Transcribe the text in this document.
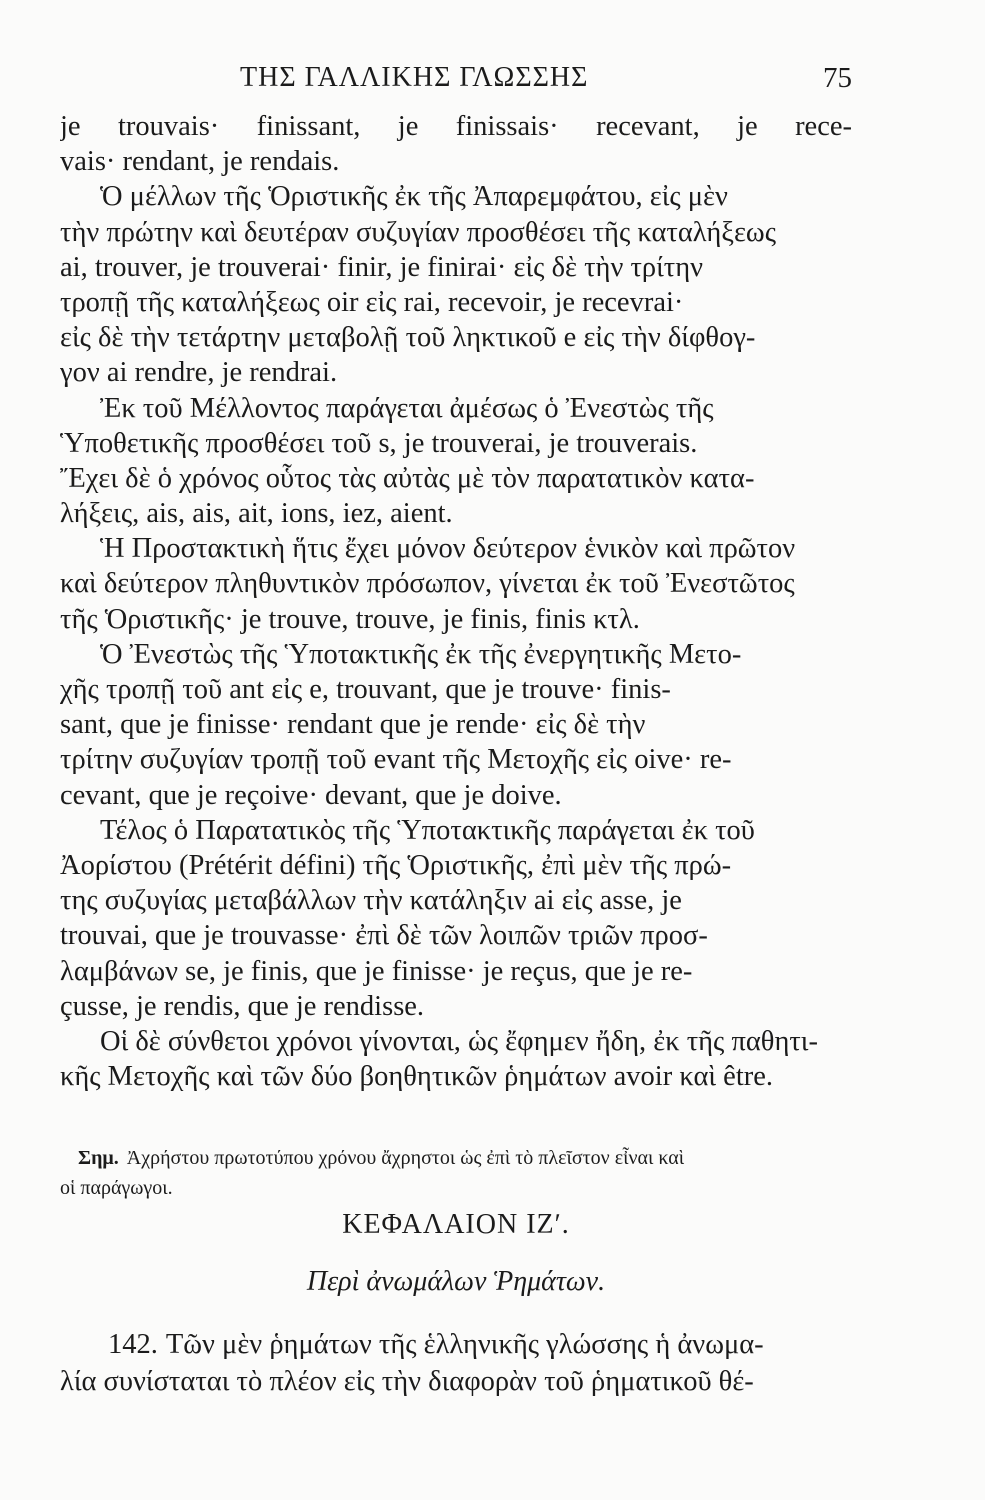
ΤΗΣ ΓΑΛΛΙΚΗΣ ΓΛΩΣΣΗΣ	75
je trouvais· finissant, je finissais· recevant, je rece-
vais· rendant, je rendais.
Ὁ μέλλων τῆς Ὁριστικῆς ἐκ τῆς Ἀπαρεμφάτου, εἰς μὲν
τὴν πρώτην καὶ δευτέραν συζυγίαν προσθέσει τῆς καταλήξεως
ai, trouver, je trouverai· finir, je finirai· εἰς δὲ τὴν τρίτην
τροπῇ τῆς καταλήξεως oir εἰς rai, recevoir, je recevrai·
εἰς δὲ τὴν τετάρτην μεταβολῇ τοῦ ληκτικοῦ e εἰς τὴν δίφθογ-
γον ai rendre, je rendrai.
Ἐκ τοῦ Μέλλοντος παράγεται ἀμέσως ὁ Ἐνεστὼς τῆς
Ὑποθετικῆς προσθέσει τοῦ s, je trouverai, je trouverais.
Ἔχει δὲ ὁ χρόνος οὗτος τὰς αὐτὰς μὲ τὸν παρατατικὸν κατα-
λήξεις, ais, ais, ait, ions, iez, aient.
Ἡ Προστακτικὴ ἥτις ἔχει μόνον δεύτερον ἑνικὸν καὶ πρῶτον
καὶ δεύτερον πληθυντικὸν πρόσωπον, γίνεται ἐκ τοῦ Ἐνεστῶτος
τῆς Ὁριστικῆς· je trouve, trouve, je finis, finis κτλ.
Ὁ Ἐνεστὼς τῆς Ὑποτακτικῆς ἐκ τῆς ἐνεργητικῆς Μετο-
χῆς τροπῇ τοῦ ant εἰς e, trouvant, que je trouve· finis-
sant, que je finisse· rendant que je rende· εἰς δὲ τὴν
τρίτην συζυγίαν τροπῇ τοῦ evant τῆς Μετοχῆς εἰς oive· re-
cevant, que je reçoive· devant, que je doive.
Τέλος ὁ Παρατατικὸς τῆς Ὑποτακτικῆς παράγεται ἐκ τοῦ
Ἀορίστου (Prétérit défini) τῆς Ὁριστικῆς, ἐπὶ μὲν τῆς πρώ-
της συζυγίας μεταβάλλων τὴν κατάληξιν ai εἰς asse, je
trouvai, que je trouvasse· ἐπὶ δὲ τῶν λοιπῶν τριῶν προσ-
λαμβάνων se, je finis, que je finisse· je reçus, que je re-
çusse, je rendis, que je rendisse.
Οἱ δὲ σύνθετοι χρόνοι γίνονται, ὡς ἔφημεν ἤδη, ἐκ τῆς παθητι-
κῆς Μετοχῆς καὶ τῶν δύο βοηθητικῶν ῥημάτων avoir καὶ être.
Σημ. Ἀχρήστου πρωτοτύπου χρόνου ἄχρηστοι ὡς ἐπὶ τὸ πλεῖστον εἶναι καὶ
οἱ παράγωγοι.
ΚΕΦΑΛΑΙΟΝ ΙΖʹ.
Περὶ ἀνωμάλων Ῥημάτων.
142. Τῶν μὲν ῥημάτων τῆς ἑλληνικῆς γλώσσης ἡ ἀνωμα-
λία συνίσταται τὸ πλέον εἰς τὴν διαφορὰν τοῦ ῥηματικοῦ θέ-
